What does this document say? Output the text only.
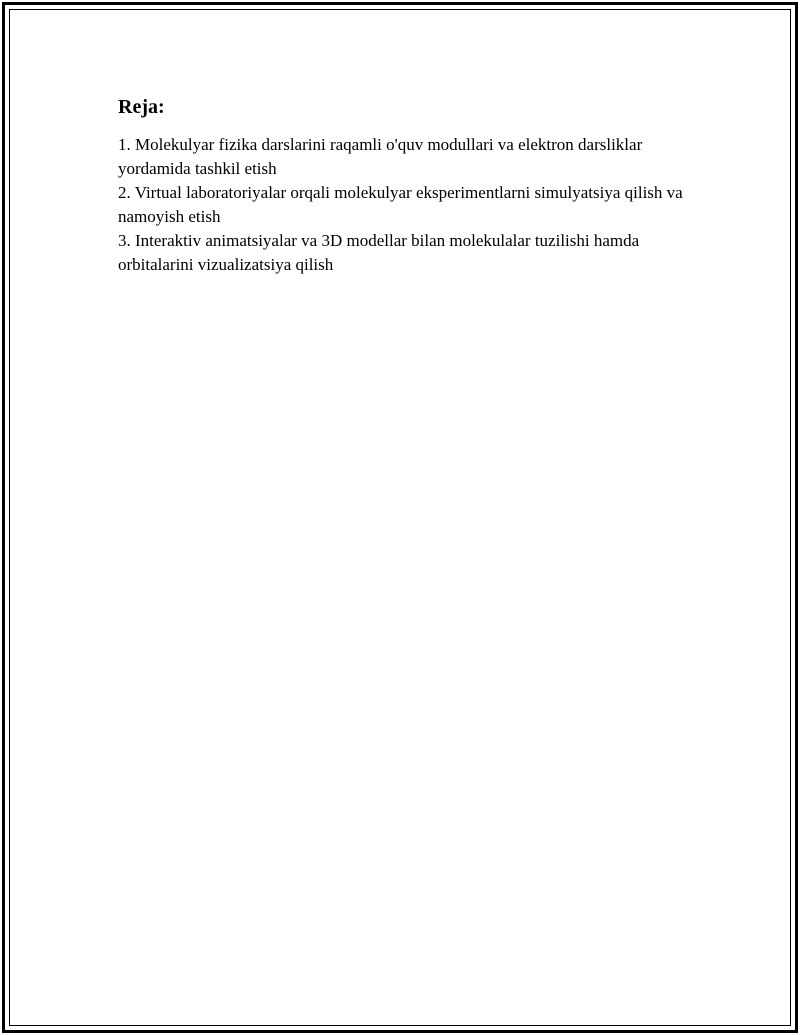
Reja:
1. Molekulyar fizika darslarini raqamli o'quv modullari va elektron darsliklar yordamida tashkil etish
2. Virtual laboratoriyalar orqali molekulyar eksperimentlarni simulyatsiya qilish va namoyish etish
3. Interaktiv animatsiyalar va 3D modellar bilan molekulalar tuzilishi hamda orbitalarini vizualizatsiya qilish
